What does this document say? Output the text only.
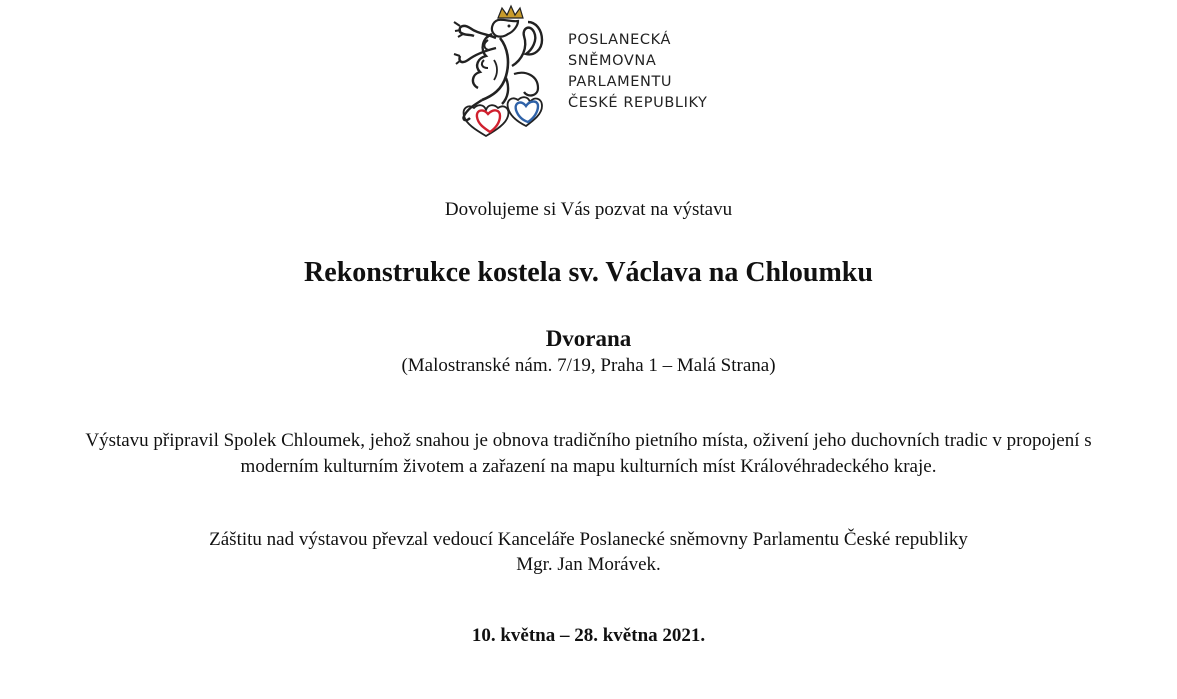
POSLANECKÁ
SNĚMOVNA
PARLAMENTU
ČESKÉ REPUBLIKY
Dovolujeme si Vás pozvat na výstavu
Rekonstrukce kostela sv. Václava na Chloumku
Dvorana
(Malostranské nám. 7/19, Praha 1 – Malá Strana)
Výstavu připravil Spolek Chloumek, jehož snahou je obnova tradičního pietního místa, oživení jeho duchovních tradic v propojení s
moderním kulturním životem a zařazení na mapu kulturních míst Královéhradeckého kraje.
Záštitu nad výstavou převzal vedoucí Kanceláře Poslanecké sněmovny Parlamentu České republiky
Mgr. Jan Morávek.
10. května – 28. května 2021.
